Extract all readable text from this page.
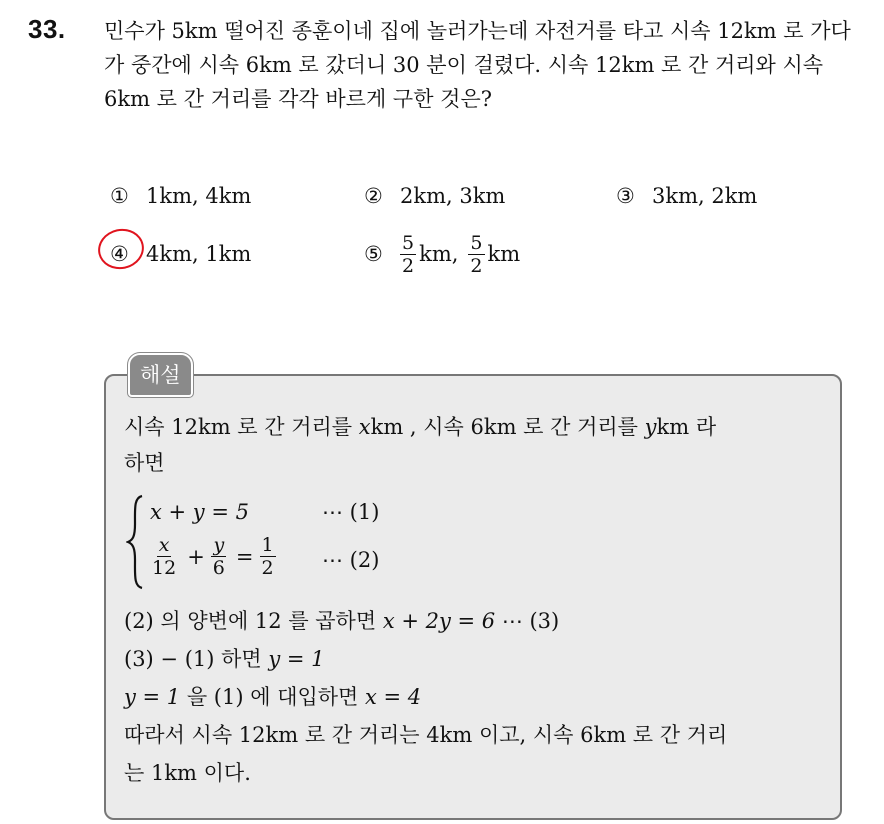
33. 민수가 5km 떨어진 종훈이네 집에 놀러가는데 자전거를 타고 시속 12km 로 가다가 중간에 시속 6km 로 갔더니 30 분이 걸렸다. 시속 12km 로 간 거리와 시속 6km 로 간 거리를 각각 바르게 구한 것은?

① 1km, 4km	② 2km, 3km	③ 3km, 2km
④ 4km, 1km	⑤ $\frac{5}{2}$ km, $\frac{5}{2}$ km
해설
시속 12km 로 간 거리를 xkm , 시속 6km 로 간 거리를 ykm 라
하면
x + y = 5	⋯ (1)
$\frac{x}{12} + \frac{y}{6} = \frac{1}{2}$ ⋯ (2)
(2) 의 양변에 12 를 곱하면 x + 2y = 6 ⋯ (3)
(3) − (1) 하면 y = 1
y = 1 을 (1) 에 대입하면 x = 4
따라서 시속 12km 로 간 거리는 4km 이고, 시속 6km 로 간 거리
는 1km 이다.
